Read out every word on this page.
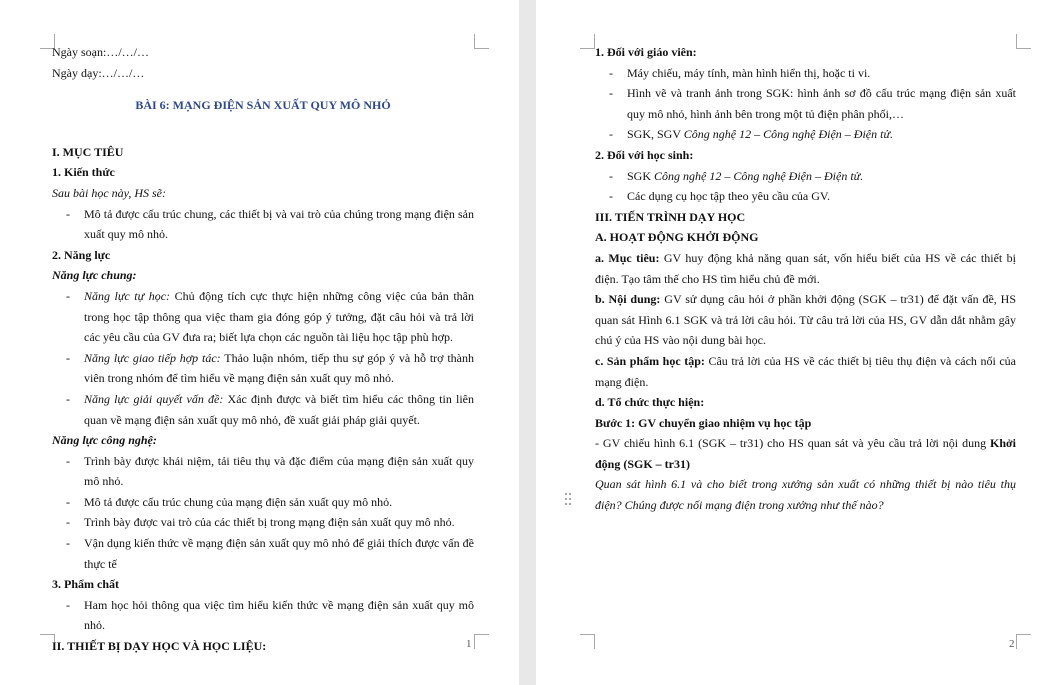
Ngày soạn:…/…/…

Ngày dạy:…/…/…

BÀI 6: MẠNG ĐIỆN SẢN XUẤT QUY MÔ NHỎ

I. MỤC TIÊU

1. Kiến thức

Sau bài học này, HS sẽ:

- Mô tả được cấu trúc chung, các thiết bị và vai trò của chúng trong mạng điện sản xuất quy mô nhỏ.

2. Năng lực

Năng lực chung:

- Năng lực tự học: Chủ động tích cực thực hiện những công việc của bản thân trong học tập thông qua việc tham gia đóng góp ý tưởng, đặt câu hỏi và trả lời các yêu cầu của GV đưa ra; biết lựa chọn các nguồn tài liệu học tập phù hợp.
- Năng lực giao tiếp hợp tác: Thảo luận nhóm, tiếp thu sự góp ý và hỗ trợ thành viên trong nhóm để tìm hiểu về mạng điện sản xuất quy mô nhỏ.
- Năng lực giải quyết vấn đề: Xác định được và biết tìm hiểu các thông tin liên quan về mạng điện sản xuất quy mô nhỏ, đề xuất giải pháp giải quyết.

Năng lực công nghệ:

- Trình bày được khái niệm, tải tiêu thụ và đặc điểm của mạng điện sản xuất quy mô nhỏ.
- Mô tả được cấu trúc chung của mạng điện sản xuất quy mô nhỏ.
- Trình bày được vai trò của các thiết bị trong mạng điện sản xuất quy mô nhỏ.
- Vận dụng kiến thức về mạng điện sản xuất quy mô nhỏ để giải thích được vấn đề thực tế

3. Phẩm chất

- Ham học hỏi thông qua việc tìm hiểu kiến thức về mạng điện sản xuất quy mô nhỏ.

II. THIẾT BỊ DẠY HỌC VÀ HỌC LIỆU:	1

1. Đối với giáo viên:

- Máy chiếu, máy tính, màn hình hiển thị, hoặc ti vi.
- Hình vẽ và tranh ảnh trong SGK: hình ảnh sơ đồ cấu trúc mạng điện sản xuất quy mô nhỏ, hình ảnh bên trong một tủ điện phân phối,…
- SGK, SGV Công nghệ 12 – Công nghệ Điện – Điện tử.

2. Đối với học sinh:

- SGK Công nghệ 12 – Công nghệ Điện – Điện tử.
- Các dụng cụ học tập theo yêu cầu của GV.

III. TIẾN TRÌNH DẠY HỌC

A. HOẠT ĐỘNG KHỞI ĐỘNG

a. Mục tiêu: GV huy động khả năng quan sát, vốn hiểu biết của HS về các thiết bị điện. Tạo tâm thế cho HS tìm hiểu chủ đề mới.

b. Nội dung: GV sử dụng câu hỏi ở phần khởi động (SGK – tr31) để đặt vấn đề, HS quan sát Hình 6.1 SGK và trả lời câu hỏi. Từ câu trả lời của HS, GV dẫn dắt nhằm gây chú ý của HS vào nội dung bài học.

c. Sản phẩm học tập: Câu trả lời của HS về các thiết bị tiêu thụ điện và cách nối của mạng điện.

d. Tổ chức thực hiện:

Bước 1: GV chuyển giao nhiệm vụ học tập

- GV chiếu hình 6.1 (SGK – tr31) cho HS quan sát và yêu cầu trả lời nội dung Khởi động (SGK – tr31)

Quan sát hình 6.1 và cho biết trong xưởng sản xuất có những thiết bị nào tiêu thụ điện? Chúng được nối mạng điện trong xưởng như thế nào?

2
